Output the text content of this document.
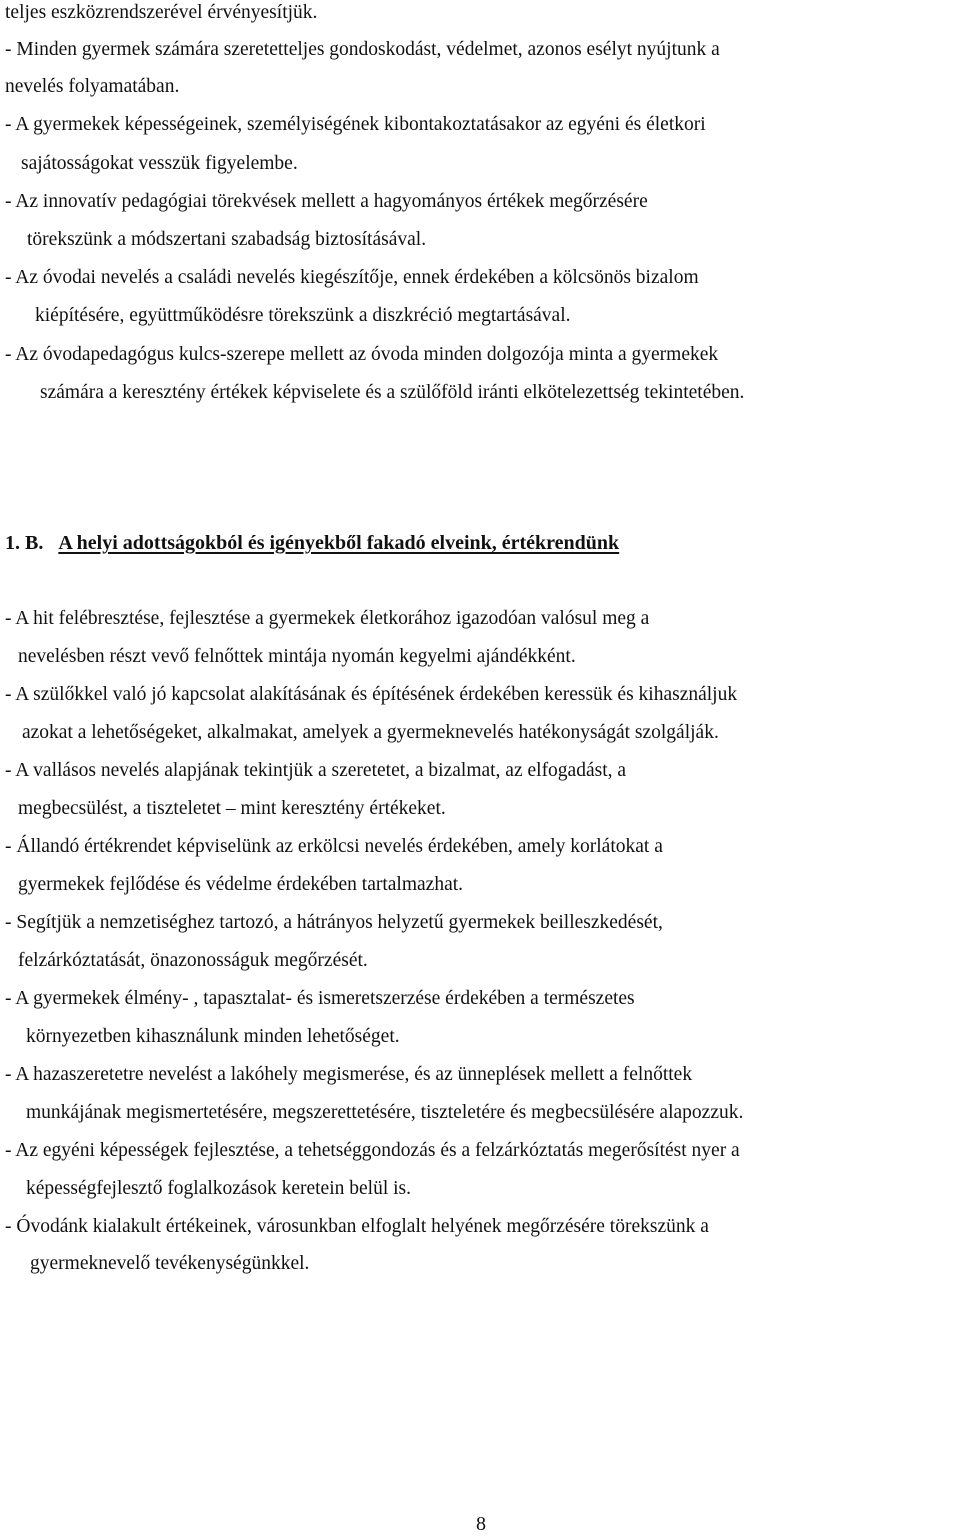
teljes eszközrendszerével érvényesítjük.
- Minden gyermek számára szeretetteljes gondoskodást, védelmet, azonos esélyt nyújtunk a
nevelés folyamatában.
- A gyermekek képességeinek, személyiségének kibontakoztatásakor az egyéni és életkori
sajátosságokat vesszük figyelembe.
- Az innovatív pedagógiai törekvések mellett a hagyományos értékek megőrzésére
törekszünk a módszertani szabadság biztosításával.
- Az óvodai nevelés a családi nevelés kiegészítője, ennek érdekében a kölcsönös bizalom
kiépítésére, együttműködésre törekszünk a diszkréció megtartásával.
- Az óvodapedagógus kulcs-szerepe mellett az óvoda minden dolgozója minta a gyermekek
számára a keresztény értékek képviselete és a szülőföld iránti elkötelezettség tekintetében.
1. B. A helyi adottságokból és igényekből fakadó elveink, értékrendünk
- A hit felébresztése, fejlesztése a gyermekek életkorához igazodóan valósul meg a
nevelésben részt vevő felnőttek mintája nyomán kegyelmi ajándékként.
- A szülőkkel való jó kapcsolat alakításának és építésének érdekében keressük és kihasználjuk
azokat a lehetőségeket, alkalmakat, amelyek a gyermeknevelés hatékonyságát szolgálják.
- A vallásos nevelés alapjának tekintjük a szeretetet, a bizalmat, az elfogadást, a
megbecsülést, a tiszteletet – mint keresztény értékeket.
- Állandó értékrendet képviselünk az erkölcsi nevelés érdekében, amely korlátokat a
gyermekek fejlődése és védelme érdekében tartalmazhat.
- Segítjük a nemzetiséghez tartozó, a hátrányos helyzetű gyermekek beilleszkedését,
felzárkóztatását, önazonosságuk megőrzését.
- A gyermekek élmény- , tapasztalat- és ismeretszerzése érdekében a természetes
környezetben kihasználunk minden lehetőséget.
- A hazaszeretetre nevelést a lakóhely megismerése, és az ünneplések mellett a felnőttek
munkájának megismertetésére, megszerettetésére, tiszteletére és megbecsülésére alapozzuk.
- Az egyéni képességek fejlesztése, a tehetséggondozás és a felzárkóztatás megerősítést nyer a
képességfejlesztő foglalkozások keretein belül is.
- Óvodánk kialakult értékeinek, városunkban elfoglalt helyének megőrzésére törekszünk a
gyermeknevelő tevékenységünkkel.
8
